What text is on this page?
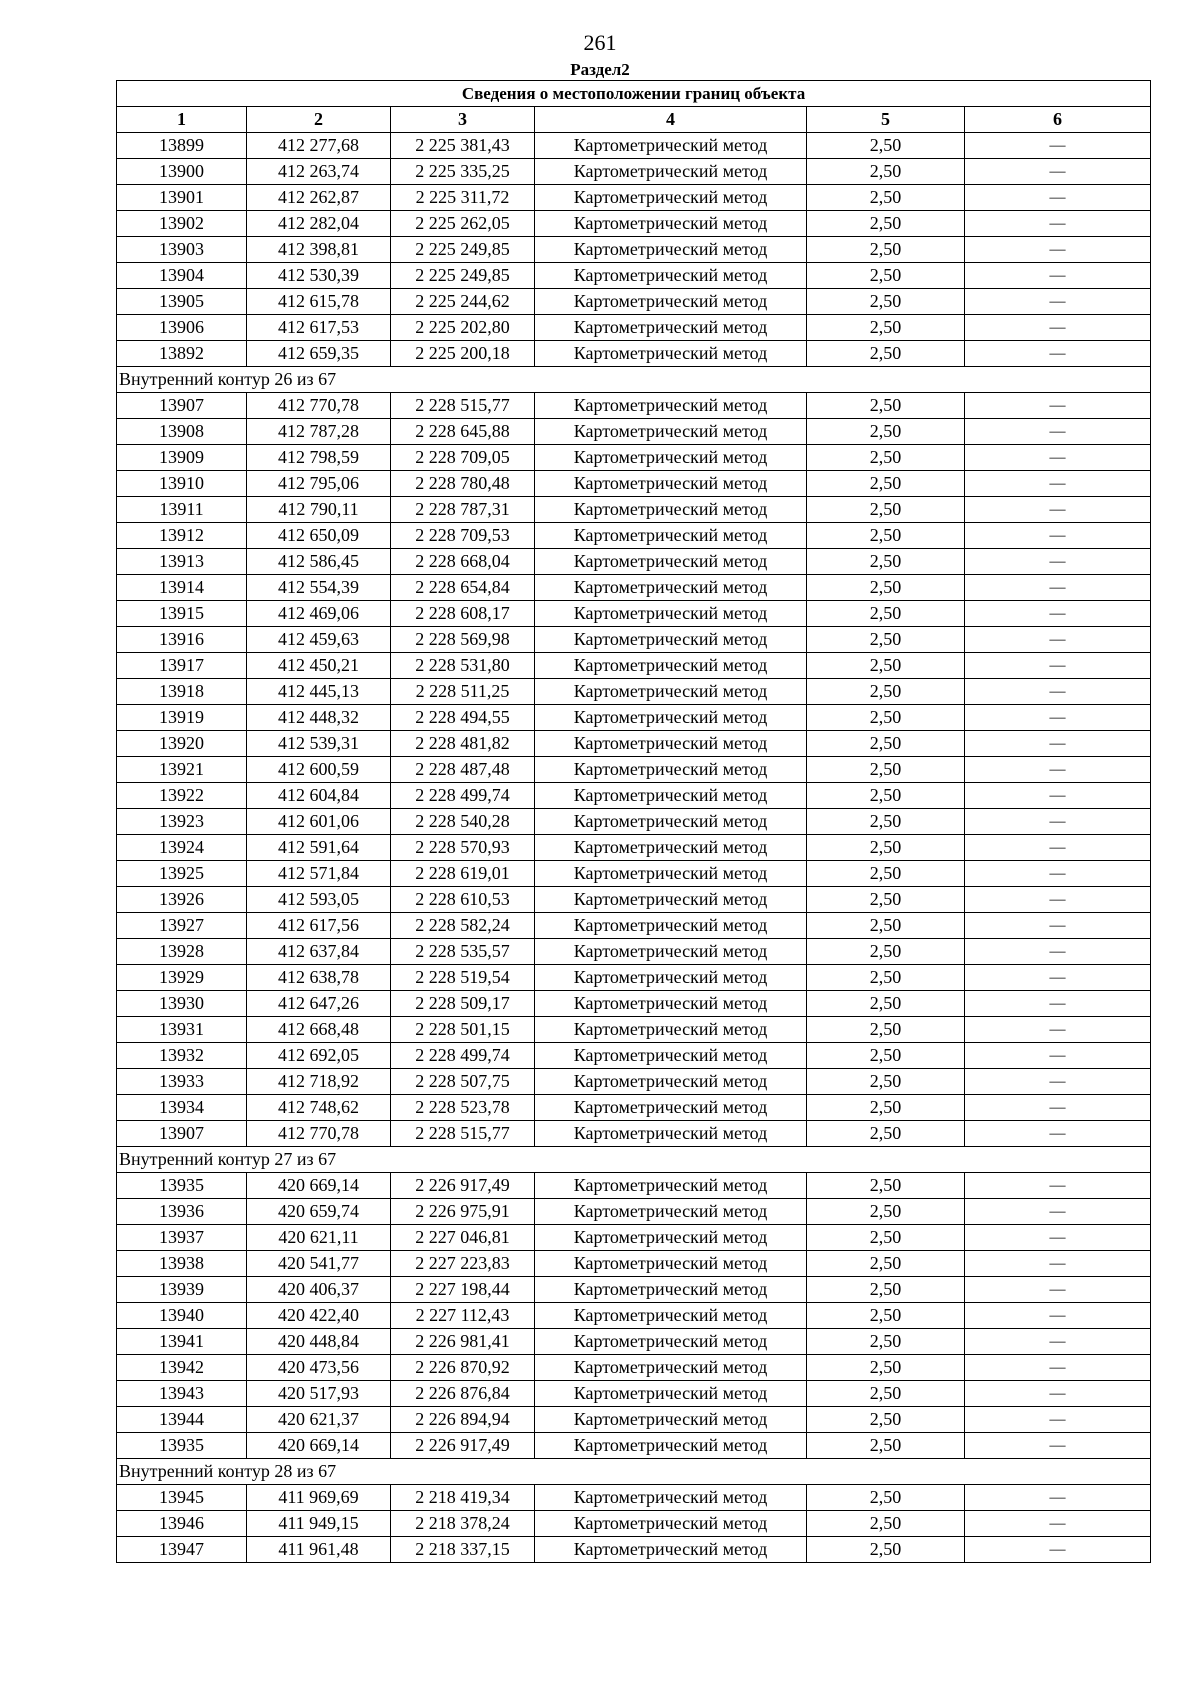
261
Раздел2
Сведения о местоположении границ объекта					
1	2	3	4	5	6
13899	412 277,68	2 225 381,43	Картометрический метод	2,50	—
13900	412 263,74	2 225 335,25	Картометрический метод	2,50	—
13901	412 262,87	2 225 311,72	Картометрический метод	2,50	—
13902	412 282,04	2 225 262,05	Картометрический метод	2,50	—
13903	412 398,81	2 225 249,85	Картометрический метод	2,50	—
13904	412 530,39	2 225 249,85	Картометрический метод	2,50	—
13905	412 615,78	2 225 244,62	Картометрический метод	2,50	—
13906	412 617,53	2 225 202,80	Картометрический метод	2,50	—
13892	412 659,35	2 225 200,18	Картометрический метод	2,50	—
Внутренний контур 26 из 67					
13907	412 770,78	2 228 515,77	Картометрический метод	2,50	—
13908	412 787,28	2 228 645,88	Картометрический метод	2,50	—
13909	412 798,59	2 228 709,05	Картометрический метод	2,50	—
13910	412 795,06	2 228 780,48	Картометрический метод	2,50	—
13911	412 790,11	2 228 787,31	Картометрический метод	2,50	—
13912	412 650,09	2 228 709,53	Картометрический метод	2,50	—
13913	412 586,45	2 228 668,04	Картометрический метод	2,50	—
13914	412 554,39	2 228 654,84	Картометрический метод	2,50	—
13915	412 469,06	2 228 608,17	Картометрический метод	2,50	—
13916	412 459,63	2 228 569,98	Картометрический метод	2,50	—
13917	412 450,21	2 228 531,80	Картометрический метод	2,50	—
13918	412 445,13	2 228 511,25	Картометрический метод	2,50	—
13919	412 448,32	2 228 494,55	Картометрический метод	2,50	—
13920	412 539,31	2 228 481,82	Картометрический метод	2,50	—
13921	412 600,59	2 228 487,48	Картометрический метод	2,50	—
13922	412 604,84	2 228 499,74	Картометрический метод	2,50	—
13923	412 601,06	2 228 540,28	Картометрический метод	2,50	—
13924	412 591,64	2 228 570,93	Картометрический метод	2,50	—
13925	412 571,84	2 228 619,01	Картометрический метод	2,50	—
13926	412 593,05	2 228 610,53	Картометрический метод	2,50	—
13927	412 617,56	2 228 582,24	Картометрический метод	2,50	—
13928	412 637,84	2 228 535,57	Картометрический метод	2,50	—
13929	412 638,78	2 228 519,54	Картометрический метод	2,50	—
13930	412 647,26	2 228 509,17	Картометрический метод	2,50	—
13931	412 668,48	2 228 501,15	Картометрический метод	2,50	—
13932	412 692,05	2 228 499,74	Картометрический метод	2,50	—
13933	412 718,92	2 228 507,75	Картометрический метод	2,50	—
13934	412 748,62	2 228 523,78	Картометрический метод	2,50	—
13907	412 770,78	2 228 515,77	Картометрический метод	2,50	—
Внутренний контур 27 из 67					
13935	420 669,14	2 226 917,49	Картометрический метод	2,50	—
13936	420 659,74	2 226 975,91	Картометрический метод	2,50	—
13937	420 621,11	2 227 046,81	Картометрический метод	2,50	—
13938	420 541,77	2 227 223,83	Картометрический метод	2,50	—
13939	420 406,37	2 227 198,44	Картометрический метод	2,50	—
13940	420 422,40	2 227 112,43	Картометрический метод	2,50	—
13941	420 448,84	2 226 981,41	Картометрический метод	2,50	—
13942	420 473,56	2 226 870,92	Картометрический метод	2,50	—
13943	420 517,93	2 226 876,84	Картометрический метод	2,50	—
13944	420 621,37	2 226 894,94	Картометрический метод	2,50	—
13935	420 669,14	2 226 917,49	Картометрический метод	2,50	—
Внутренний контур 28 из 67					
13945	411 969,69	2 218 419,34	Картометрический метод	2,50	—
13946	411 949,15	2 218 378,24	Картометрический метод	2,50	—
13947	411 961,48	2 218 337,15	Картометрический метод	2,50	—
